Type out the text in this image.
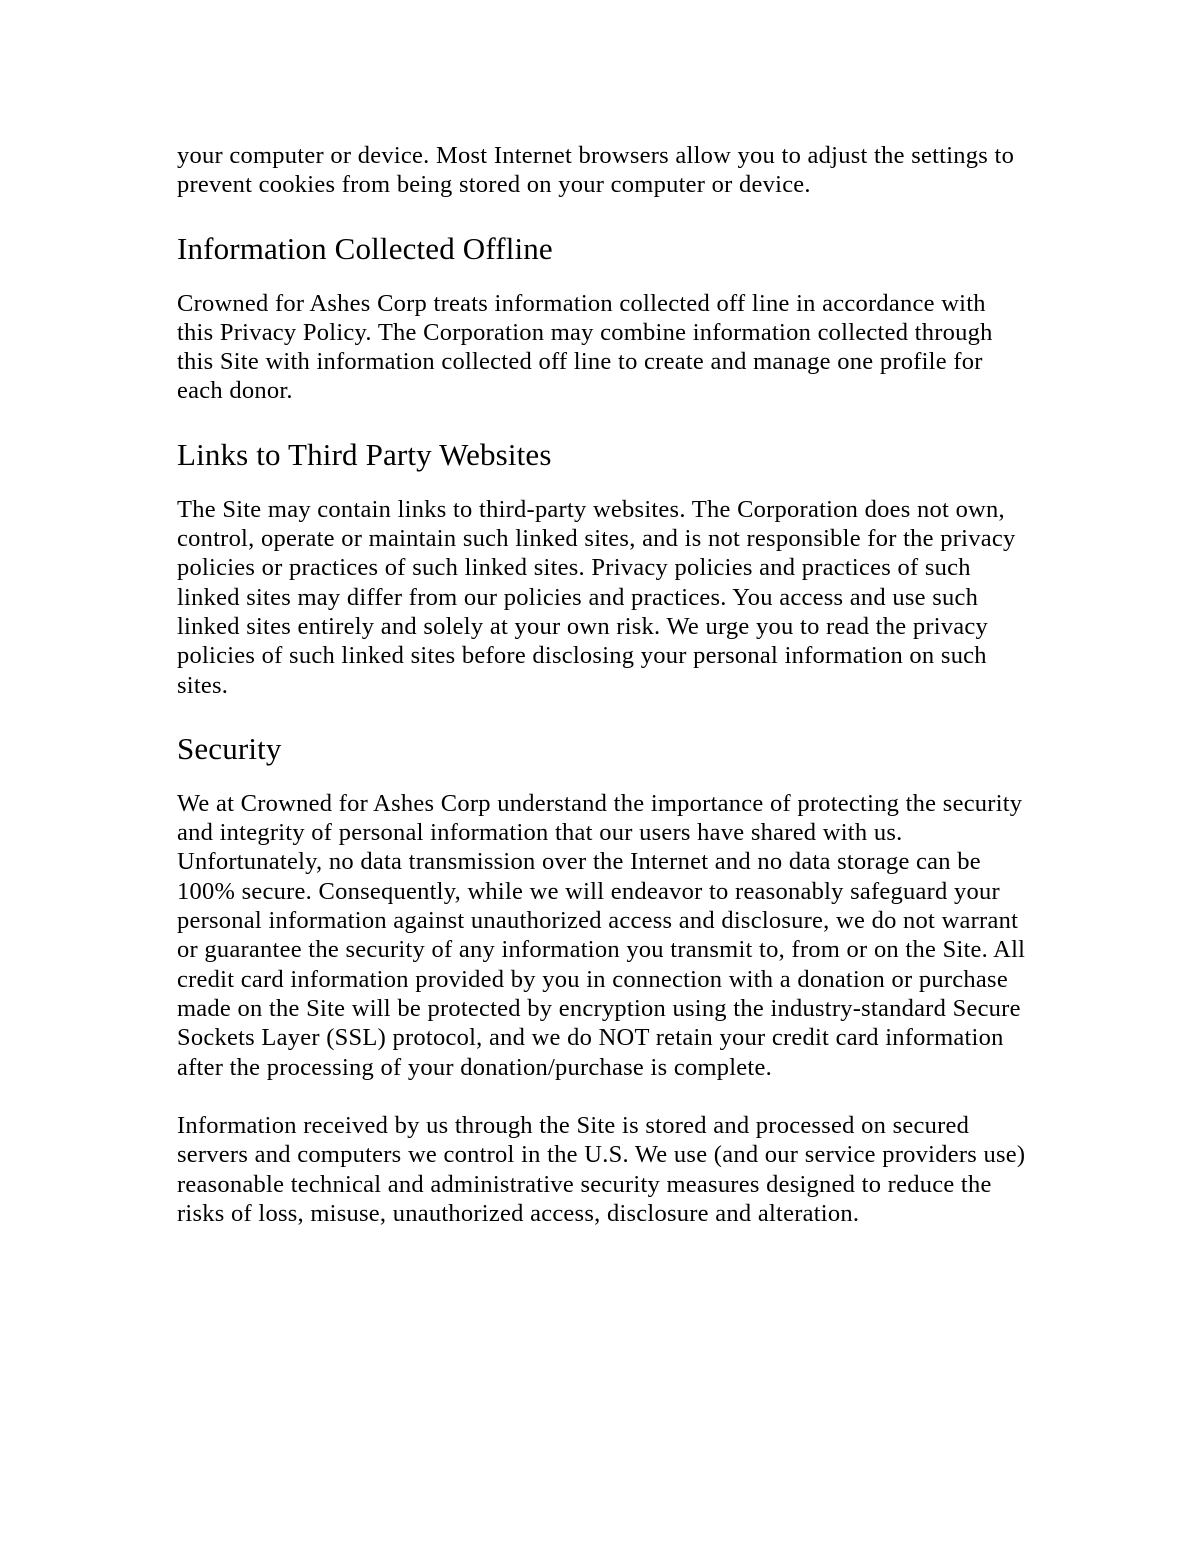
your computer or device. Most Internet browsers allow you to adjust the settings to prevent cookies from being stored on your computer or device.

Information Collected Offline

Crowned for Ashes Corp treats information collected off line in accordance with this Privacy Policy. The Corporation may combine information collected through this Site with information collected off line to create and manage one profile for each donor.

Links to Third Party Websites

The Site may contain links to third-party websites. The Corporation does not own, control, operate or maintain such linked sites, and is not responsible for the privacy policies or practices of such linked sites. Privacy policies and practices of such linked sites may differ from our policies and practices. You access and use such linked sites entirely and solely at your own risk. We urge you to read the privacy policies of such linked sites before disclosing your personal information on such sites.

Security

We at Crowned for Ashes Corp understand the importance of protecting the security and integrity of personal information that our users have shared with us. Unfortunately, no data transmission over the Internet and no data storage can be 100% secure. Consequently, while we will endeavor to reasonably safeguard your personal information against unauthorized access and disclosure, we do not warrant or guarantee the security of any information you transmit to, from or on the Site. All credit card information provided by you in connection with a donation or purchase made on the Site will be protected by encryption using the industry-standard Secure Sockets Layer (SSL) protocol, and we do NOT retain your credit card information after the processing of your donation/purchase is complete.

Information received by us through the Site is stored and processed on secured servers and computers we control in the U.S. We use (and our service providers use) reasonable technical and administrative security measures designed to reduce the risks of loss, misuse, unauthorized access, disclosure and alteration.
